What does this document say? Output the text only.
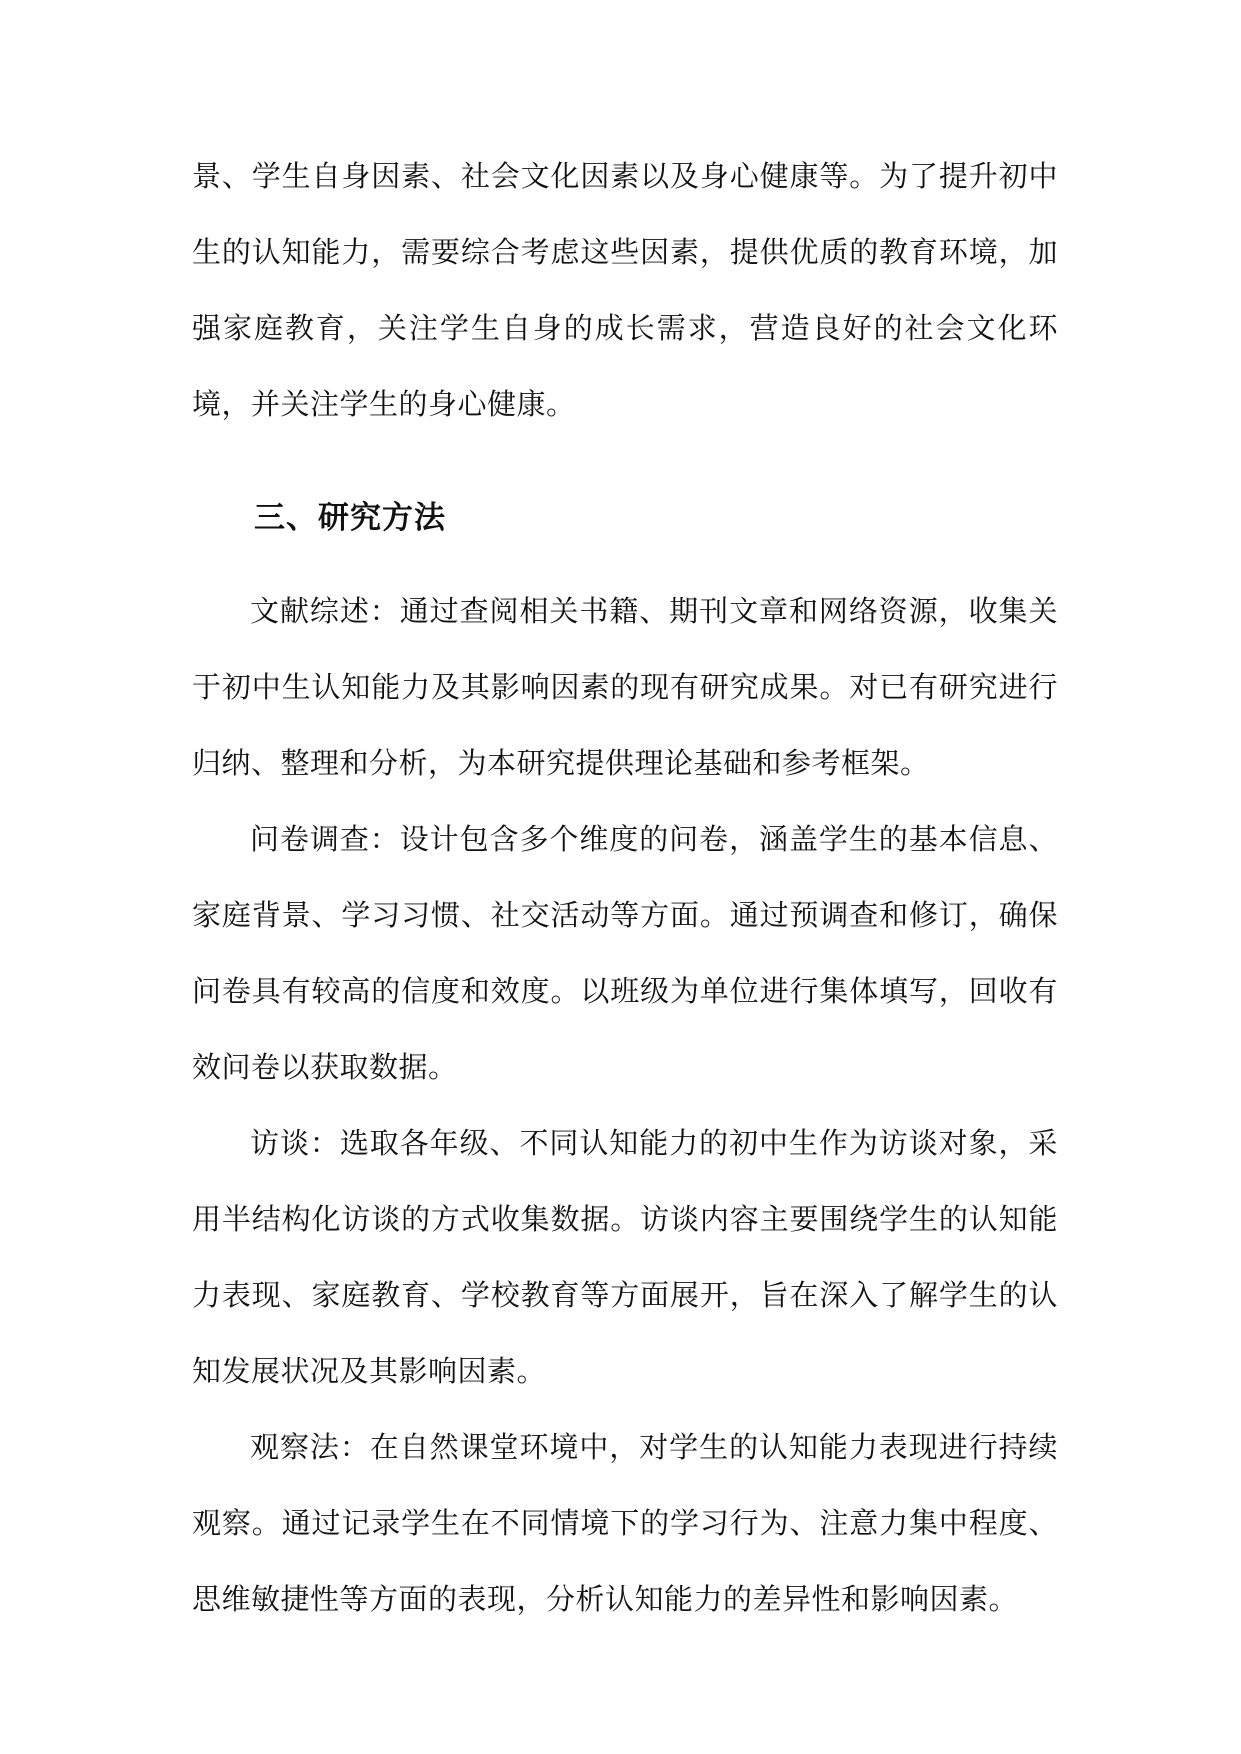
景、学生自身因素、社会文化因素以及身心健康等。为了提升初中生的认知能力，需要综合考虑这些因素，提供优质的教育环境，加强家庭教育，关注学生自身的成长需求，营造良好的社会文化环境，并关注学生的身心健康。

三、研究方法

文献综述：通过查阅相关书籍、期刊文章和网络资源，收集关于初中生认知能力及其影响因素的现有研究成果。对已有研究进行归纳、整理和分析，为本研究提供理论基础和参考框架。

问卷调查：设计包含多个维度的问卷，涵盖学生的基本信息、家庭背景、学习习惯、社交活动等方面。通过预调查和修订，确保问卷具有较高的信度和效度。以班级为单位进行集体填写，回收有效问卷以获取数据。

访谈：选取各年级、不同认知能力的初中生作为访谈对象，采用半结构化访谈的方式收集数据。访谈内容主要围绕学生的认知能力表现、家庭教育、学校教育等方面展开，旨在深入了解学生的认知发展状况及其影响因素。

观察法：在自然课堂环境中，对学生的认知能力表现进行持续观察。通过记录学生在不同情境下的学习行为、注意力集中程度、思维敏捷性等方面的表现，分析认知能力的差异性和影响因素。
